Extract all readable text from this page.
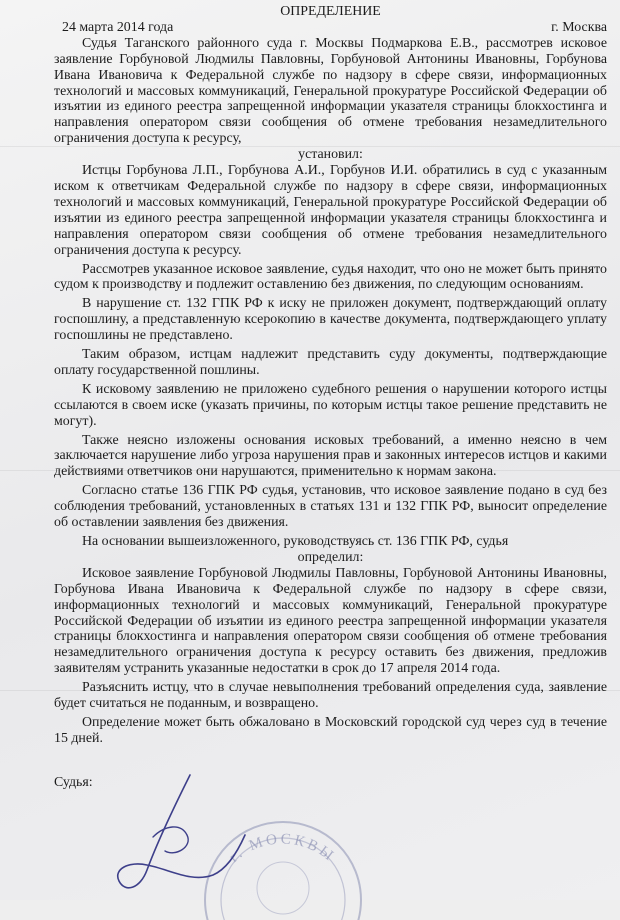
ОПРЕДЕЛЕНИЕ

24 марта 2014 года	г. Москва

Судья Таганского районного суда г. Москвы Подмаркова Е.В., рассмотрев исковое заявление Горбуновой Людмилы Павловны, Горбуновой Антонины Ивановны, Горбунова Ивана Ивановича к Федеральной службе по надзору в сфере связи, информационных технологий и массовых коммуникаций, Генеральной прокуратуре Российской Федерации об изъятии из единого реестра запрещенной информации указателя страницы блокхостинга и направления оператором связи сообщения об отмене требования незамедлительного ограничения доступа к ресурсу,

установил:

Истцы Горбунова Л.П., Горбунова А.И., Горбунов И.И. обратились в суд с указанным иском к ответчикам Федеральной службе по надзору в сфере связи, информационных технологий и массовых коммуникаций, Генеральной прокуратуре Российской Федерации об изъятии из единого реестра запрещенной информации указателя страницы блокхостинга и направления оператором связи сообщения об отмене требования незамедлительного ограничения доступа к ресурсу.

Рассмотрев указанное исковое заявление, судья находит, что оно не может быть принято судом к производству и подлежит оставлению без движения, по следующим основаниям.

В нарушение ст. 132 ГПК РФ к иску не приложен документ, подтверждающий оплату госпошлину, а представленную ксерокопию в качестве документа, подтверждающего уплату госпошлины не представлено.

Таким образом, истцам надлежит представить суду документы, подтверждающие оплату государственной пошлины.

К исковому заявлению не приложено судебного решения о нарушении которого истцы ссылаются в своем иске (указать причины, по которым истцы такое решение представить не могут).

Также неясно изложены основания исковых требований, а именно неясно в чем заключается нарушение либо угроза нарушения прав и законных интересов истцов и какими действиями ответчиков они нарушаются, применительно к нормам закона.

Согласно статье 136 ГПК РФ судья, установив, что исковое заявление подано в суд без соблюдения требований, установленных в статьях 131 и 132 ГПК РФ, выносит определение об оставлении заявления без движения.

На основании вышеизложенного, руководствуясь ст. 136 ГПК РФ, судья

определил:

Исковое заявление Горбуновой Людмилы Павловны, Горбуновой Антонины Ивановны, Горбунова Ивана Ивановича к Федеральной службе по надзору в сфере связи, информационных технологий и массовых коммуникаций, Генеральной прокуратуре Российской Федерации об изъятии из единого реестра запрещенной информации указателя страницы блокхостинга и направления оператором связи сообщения об отмене требования незамедлительного ограничения доступа к ресурсу оставить без движения, предложив заявителям устранить указанные недостатки в срок до 17 апреля 2014 года.

Разъяснить истцу, что в случае невыполнения требований определения суда, заявление будет считаться не поданным, и возвращено.

Определение может быть обжаловано в Московский городской суд через суд в течение 15 дней.

Судья:

г. МОСКВЫ
